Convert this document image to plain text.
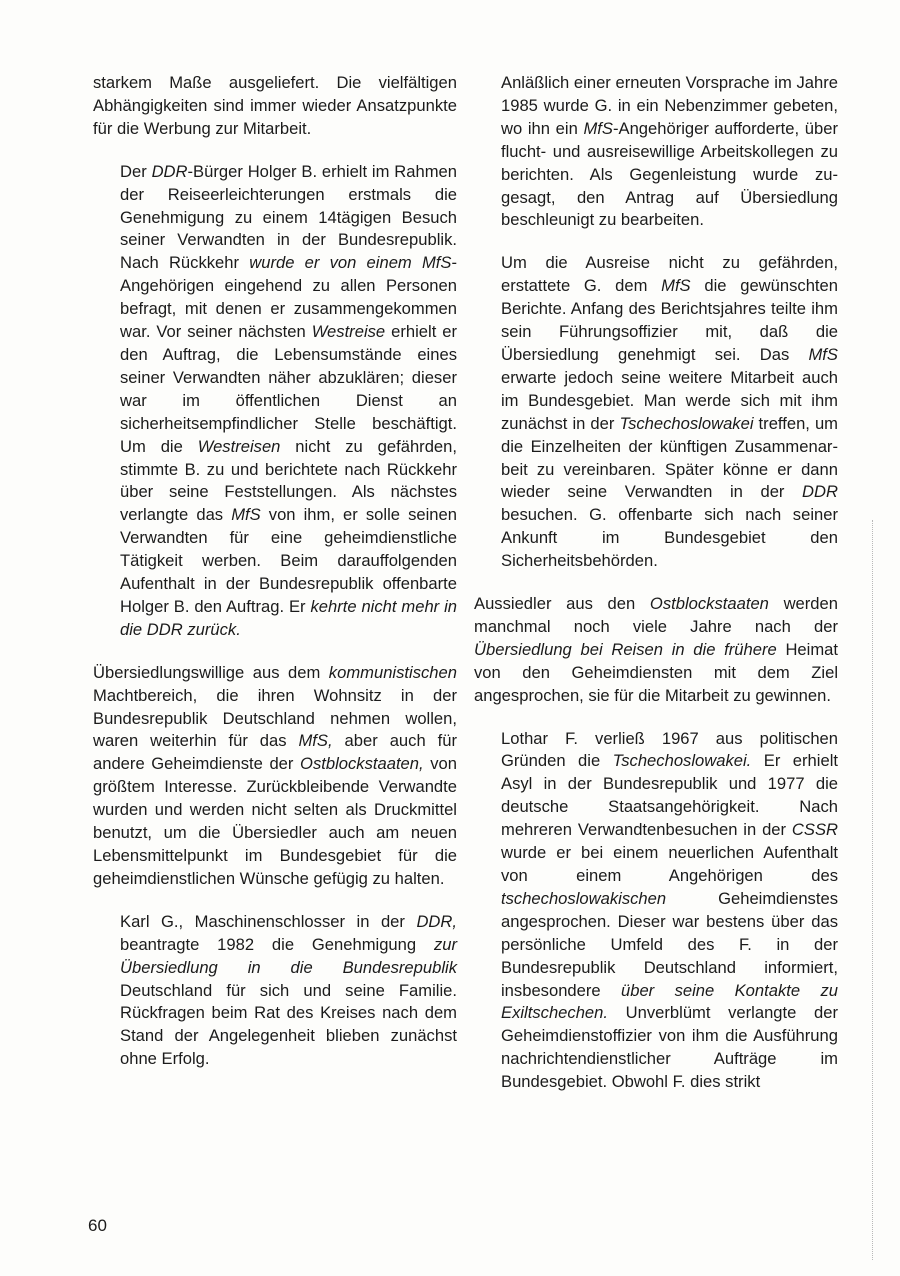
starkem Maße ausgeliefert. Die vielfältigen Abhängigkeiten sind immer wieder Ansatzpunkte für die Werbung zur Mitarbeit.

Der DDR-Bürger Holger B. erhielt im Rahmen der Reiseerleichterungen erstmals die Genehmigung zu einem 14tägigen Besuch seiner Verwandten in der Bundesrepublik. Nach Rückkehr wurde er von einem MfS-Angehörigen eingehend zu allen Personen befragt, mit denen er zusammengekommen war. Vor seiner nächsten Westreise erhielt er den Auftrag, die Lebensumstände eines seiner Verwandten näher abzuklären; dieser war im öffentlichen Dienst an sicherheitsempfindlicher Stelle beschäftigt. Um die Westreisen nicht zu gefährden, stimmte B. zu und berichtete nach Rückkehr über seine Feststellungen. Als nächstes verlangte das MfS von ihm, er solle seinen Verwandten für eine geheimdienstliche Tätigkeit werben. Beim darauffolgenden Aufenthalt in der Bundesrepublik offenbarte Holger B. den Auftrag. Er kehrte nicht mehr in die DDR zurück.

Übersiedlungswillige aus dem kommunistischen Machtbereich, die ihren Wohnsitz in der Bundesrepublik Deutschland nehmen wollen, waren weiterhin für das MfS, aber auch für andere Geheimdienste der Ostblockstaaten, von größtem Interesse. Zurückbleibende Verwandte wurden und werden nicht selten als Druckmittel benutzt, um die Übersiedler auch am neuen Lebensmittelpunkt im Bundesgebiet für die geheimdienstlichen Wünsche gefügig zu halten.

Karl G., Maschinenschlosser in der DDR, beantragte 1982 die Genehmigung zur Übersiedlung in die Bundesrepublik Deutschland für sich und seine Familie. Rückfragen beim Rat des Kreises nach dem Stand der Angelegenheit blieben zunächst ohne Erfolg.

Anläßlich einer erneuten Vorsprache im Jahre 1985 wurde G. in ein Nebenzimmer gebeten, wo ihn ein MfS-Angehöriger aufforderte, über flucht- und ausreisewillige Arbeitskollegen zu berichten. Als Gegenleistung wurde zugesagt, den Antrag auf Übersiedlung beschleunigt zu bearbeiten.

Um die Ausreise nicht zu gefährden, erstattete G. dem MfS die gewünschten Berichte. Anfang des Berichtsjahres teilte ihm sein Führungsoffizier mit, daß die Übersiedlung genehmigt sei. Das MfS erwarte jedoch seine weitere Mitarbeit auch im Bundesgebiet. Man werde sich mit ihm zunächst in der Tschechoslowakei treffen, um die Einzelheiten der künftigen Zusammenarbeit zu vereinbaren. Später könne er dann wieder seine Verwandten in der DDR besuchen. G. offenbarte sich nach seiner Ankunft im Bundesgebiet den Sicherheitsbehörden.

Aussiedler aus den Ostblockstaaten werden manchmal noch viele Jahre nach der Übersiedlung bei Reisen in die frühere Heimat von den Geheimdiensten mit dem Ziel angesprochen, sie für die Mitarbeit zu gewinnen.

Lothar F. verließ 1967 aus politischen Gründen die Tschechoslowakei. Er erhielt Asyl in der Bundesrepublik und 1977 die deutsche Staatsangehörigkeit. Nach mehreren Verwandtenbesuchen in der CSSR wurde er bei einem neuerlichen Aufenthalt von einem Angehörigen des tschechoslowakischen Geheimdienstes angesprochen. Dieser war bestens über das persönliche Umfeld des F. in der Bundesrepublik Deutschland informiert, insbesondere über seine Kontakte zu Exiltschechen. Unverblümt verlangte der Geheimdienstoffizier von ihm die Ausführung nachrichtendienstlicher Aufträge im Bundesgebiet. Obwohl F. dies strikt

60
